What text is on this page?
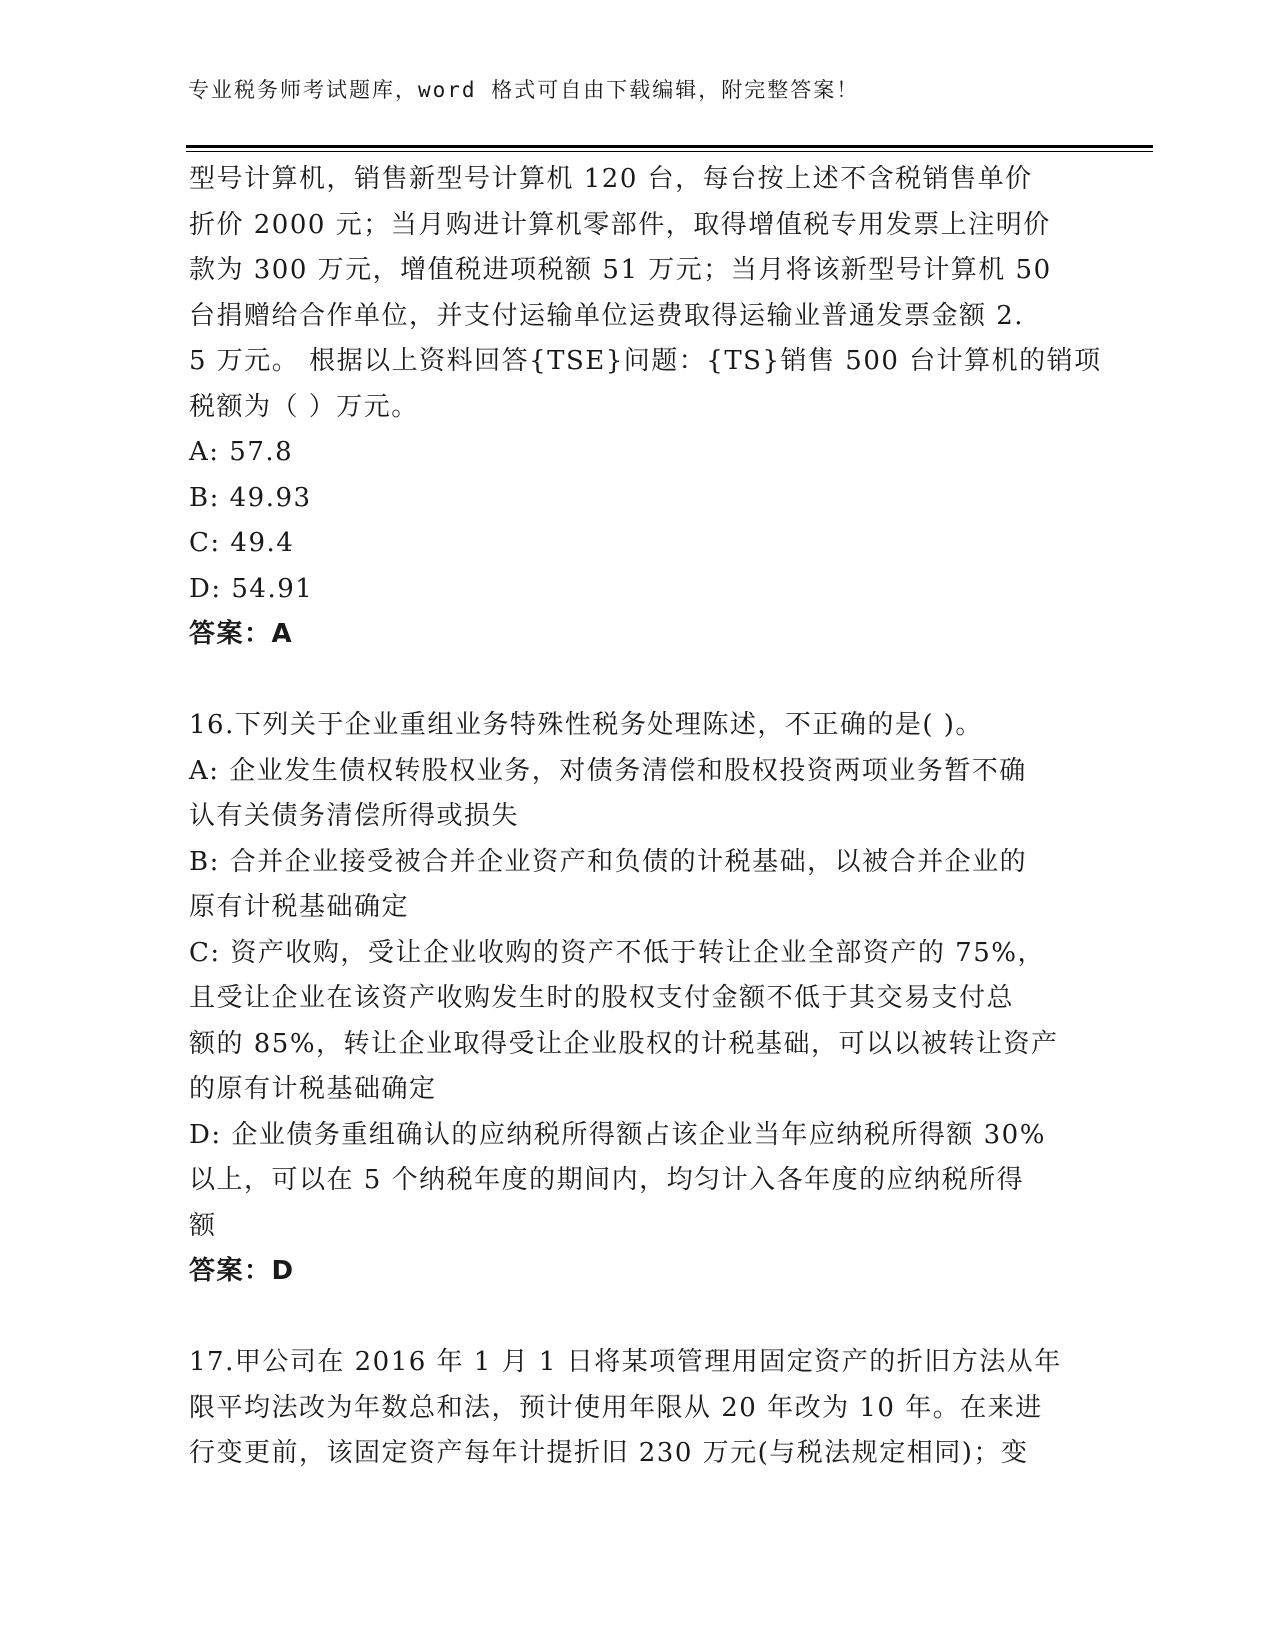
专业税务师考试题库，word 格式可自由下载编辑，附完整答案！
型号计算机，销售新型号计算机 120 台，每台按上述不含税销售单价
折价 2000 元；当月购进计算机零部件，取得增值税专用发票上注明价
款为 300 万元，增值税进项税额 51 万元；当月将该新型号计算机 50
台捐赠给合作单位，并支付运输单位运费取得运输业普通发票金额 2.
5 万元。 根据以上资料回答{TSE}问题：{TS}销售 500 台计算机的销项
税额为（ ）万元。
A: 57.8
B: 49.93
C: 49.4
D: 54.91
答案：A
16.下列关于企业重组业务特殊性税务处理陈述，不正确的是( )。
A: 企业发生债权转股权业务，对债务清偿和股权投资两项业务暂不确
认有关债务清偿所得或损失
B: 合并企业接受被合并企业资产和负债的计税基础，以被合并企业的
原有计税基础确定
C: 资产收购，受让企业收购的资产不低于转让企业全部资产的 75%，
且受让企业在该资产收购发生时的股权支付金额不低于其交易支付总
额的 85%，转让企业取得受让企业股权的计税基础，可以以被转让资产
的原有计税基础确定
D: 企业债务重组确认的应纳税所得额占该企业当年应纳税所得额 30%
以上，可以在 5 个纳税年度的期间内，均匀计入各年度的应纳税所得
额
答案：D
17.甲公司在 2016 年 1 月 1 日将某项管理用固定资产的折旧方法从年
限平均法改为年数总和法，预计使用年限从 20 年改为 10 年。在来进
行变更前，该固定资产每年计提折旧 230 万元(与税法规定相同)；变
